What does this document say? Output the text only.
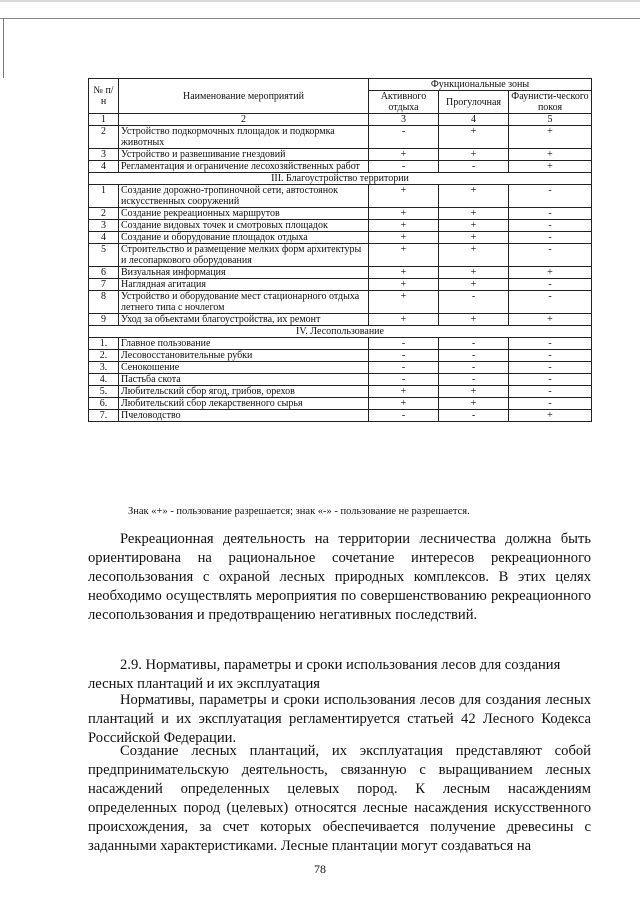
№ п/н	Наименование мероприятий	Функциональные зоны		
		Активного отдыха	Прогулочная	Фаунисти-ческого покоя
1	2	3	4	5
2	Устройство подкормочных площадок и подкормка животных	-	+	+
3	Устройство и развешивание гнездовий	+	+	+
4	Регламентация и ограничение лесохозяйственных работ	-	-	+
III. Благоустройство территории				
1	Создание дорожно-тропиночной сети, автостоянок искусственных сооружений	+	+	-
2	Создание рекреационных маршрутов	+	+	-
3	Создание видовых точек и смотровых площадок	+	+	-
4	Создание и оборудование площадок отдыха	+	+	-
5	Строительство и размещение мелких форм архитектуры и лесопаркового оборудования	+	+	-
6	Визуальная информация	+	+	+
7	Наглядная агитация	+	+	-
8	Устройство и оборудование мест стационарного отдыха летнего типа с ночлегом	+	-	-
9	Уход за объектами благоустройства, их ремонт	+	+	+
IV. Лесопользование				
1.	Главное пользование	-	-	-
2.	Лесовосстановительные рубки	-	-	-
3.	Сенокошение	-	-	-
4.	Пастьба скота	-	-	-
5.	Любительский сбор ягод, грибов, орехов	+	+	-
6.	Любительский сбор лекарственного сырья	+	+	-
7.	Пчеловодство	-	-	+
Знак «+» - пользование разрешается; знак «-» - пользование не разрешается.

Рекреационная деятельность на территории лесничества должна быть ориентирована на рациональное сочетание интересов рекреационного лесопользования с охраной лесных природных комплексов. В этих целях необходимо осуществлять мероприятия по совершенствованию рекреационного лесопользования и предотвращению негативных последствий.

2.9. Нормативы, параметры и сроки использования лесов для создания лесных плантаций и их эксплуатация

Нормативы, параметры и сроки использования лесов для создания лесных плантаций и их эксплуатация регламентируется статьей 42 Лесного Кодекса Российской Федерации.

Создание лесных плантаций, их эксплуатация представляют собой предпринимательскую деятельность, связанную с выращиванием лесных насаждений определенных целевых пород. К лесным насаждениям определенных пород (целевых) относятся лесные насаждения искусственного происхождения, за счет которых обеспечивается получение древесины с заданными характеристиками. Лесные плантации могут создаваться на

78
